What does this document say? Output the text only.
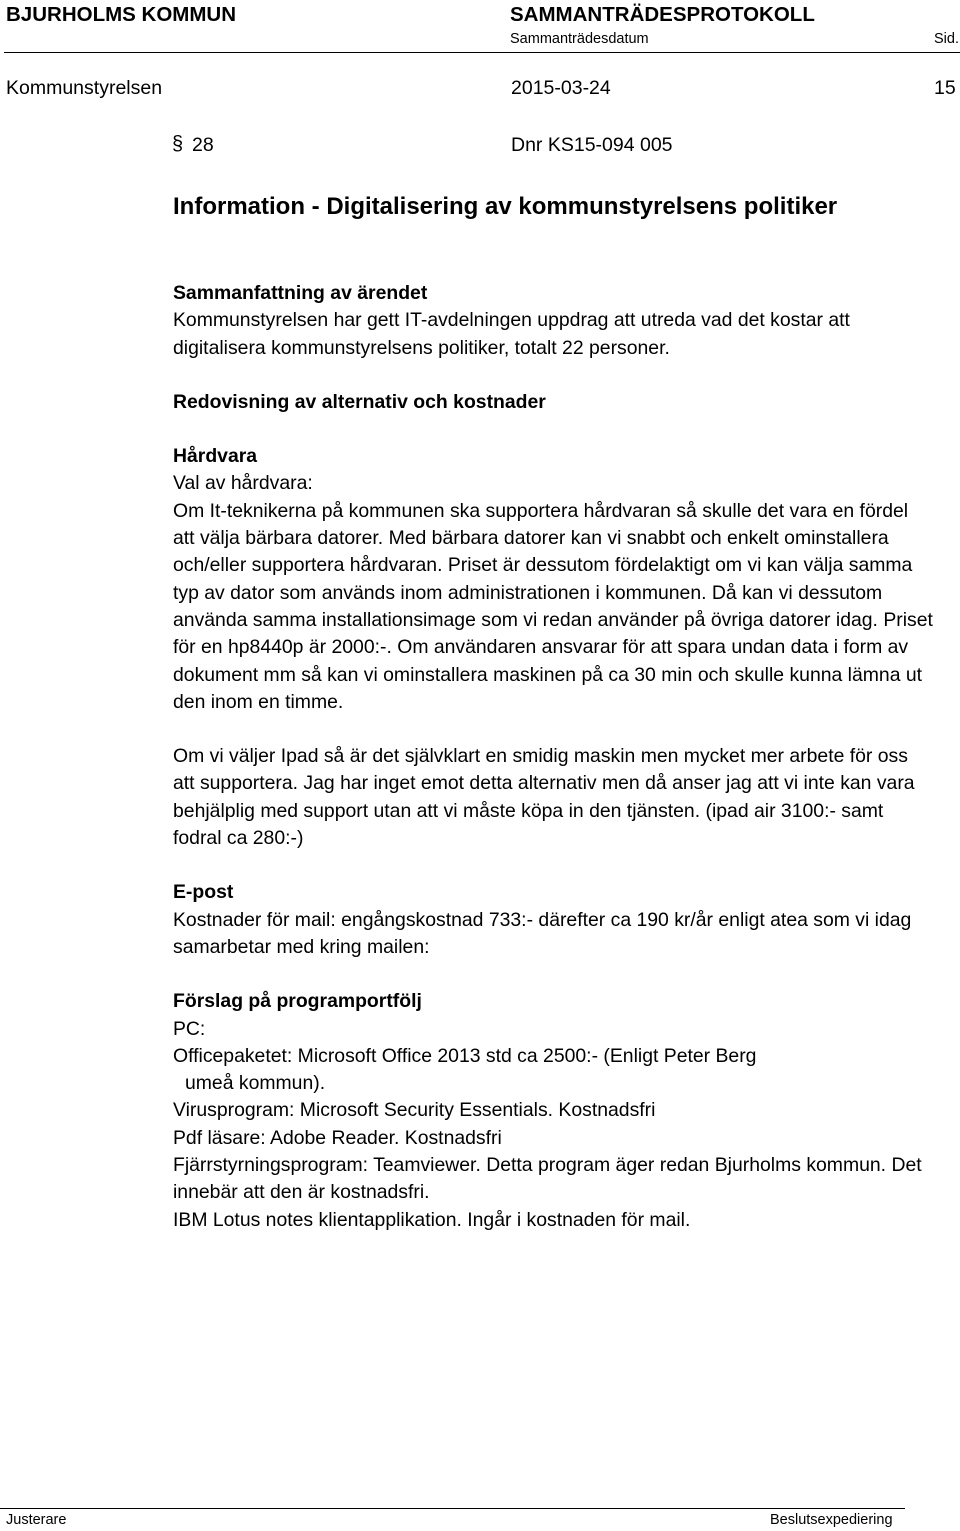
BJURHOLMS KOMMUN	SAMMANTRÄDESPROTOKOLL
Sammanträdesdatum	Sid.
Kommunstyrelsen	2015-03-24	15
§ 28	Dnr KS15-094 005
Information - Digitalisering av kommunstyrelsens politiker

Sammanfattning av ärendet

Kommunstyrelsen har gett IT-avdelningen uppdrag att utreda vad det kostar att digitalisera kommunstyrelsens politiker, totalt 22 personer.

Redovisning av alternativ och kostnader

Hårdvara

Val av hårdvara:

Om It-teknikerna på kommunen ska supportera hårdvaran så skulle det vara en fördel att välja bärbara datorer. Med bärbara datorer kan vi snabbt och enkelt ominstallera och/eller supportera hårdvaran. Priset är dessutom fördelaktigt om vi kan välja samma typ av dator som används inom administrationen i kommunen. Då kan vi dessutom använda samma installationsimage som vi redan använder på övriga datorer idag. Priset för en hp8440p är 2000:-. Om användaren ansvarar för att spara undan data i form av dokument mm så kan vi ominstallera maskinen på ca 30 min och skulle kunna lämna ut den inom en timme.

Om vi väljer Ipad så är det självklart en smidig maskin men mycket mer arbete för oss att supportera. Jag har inget emot detta alternativ men då anser jag att vi inte kan vara behjälplig med support utan att vi måste köpa in den tjänsten. (ipad air 3100:- samt fodral ca 280:-)

E-post

Kostnader för mail: engångskostnad 733:- därefter ca 190 kr/år enligt atea som vi idag samarbetar med kring mailen:

Förslag på programportfölj

PC:

Officepaketet: Microsoft Office 2013 std ca 2500:- (Enligt Peter Berg

umeå kommun).

Virusprogram: Microsoft Security Essentials. Kostnadsfri

Pdf läsare: Adobe Reader. Kostnadsfri

Fjärrstyrningsprogram: Teamviewer. Detta program äger redan Bjurholms kommun. Det innebär att den är kostnadsfri.

IBM Lotus notes klientapplikation. Ingår i kostnaden för mail.

Justerare	Beslutsexpediering
